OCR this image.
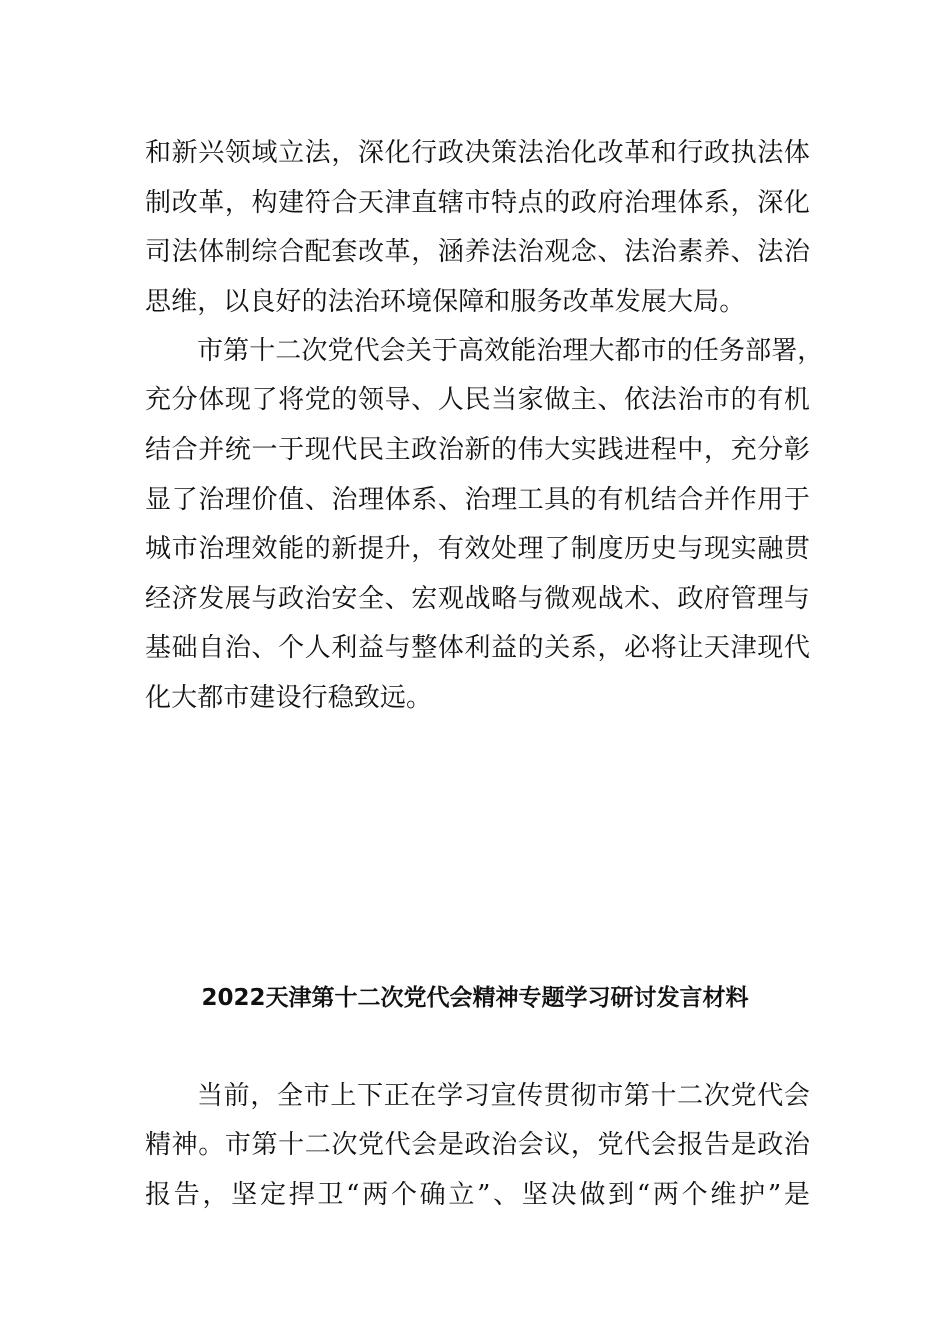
和新兴领域立法，深化行政决策法治化改革和行政执法体
制改革，构建符合天津直辖市特点的政府治理体系，深化
司法体制综合配套改革，涵养法治观念、法治素养、法治
思维，以良好的法治环境保障和服务改革发展大局。
市第十二次党代会关于高效能治理大都市的任务部署，
充分体现了将党的领导、人民当家做主、依法治市的有机
结合并统一于现代民主政治新的伟大实践进程中，充分彰
显了治理价值、治理体系、治理工具的有机结合并作用于
城市治理效能的新提升，有效处理了制度历史与现实融贯
经济发展与政治安全、宏观战略与微观战术、政府管理与
基础自治、个人利益与整体利益的关系，必将让天津现代
化大都市建设行稳致远。
2022天津第十二次党代会精神专题学习研讨发言材料
当前，全市上下正在学习宣传贯彻市第十二次党代会
精神。市第十二次党代会是政治会议，党代会报告是政治
报告，坚定捍卫“两个确立”、坚决做到“两个维护”是
